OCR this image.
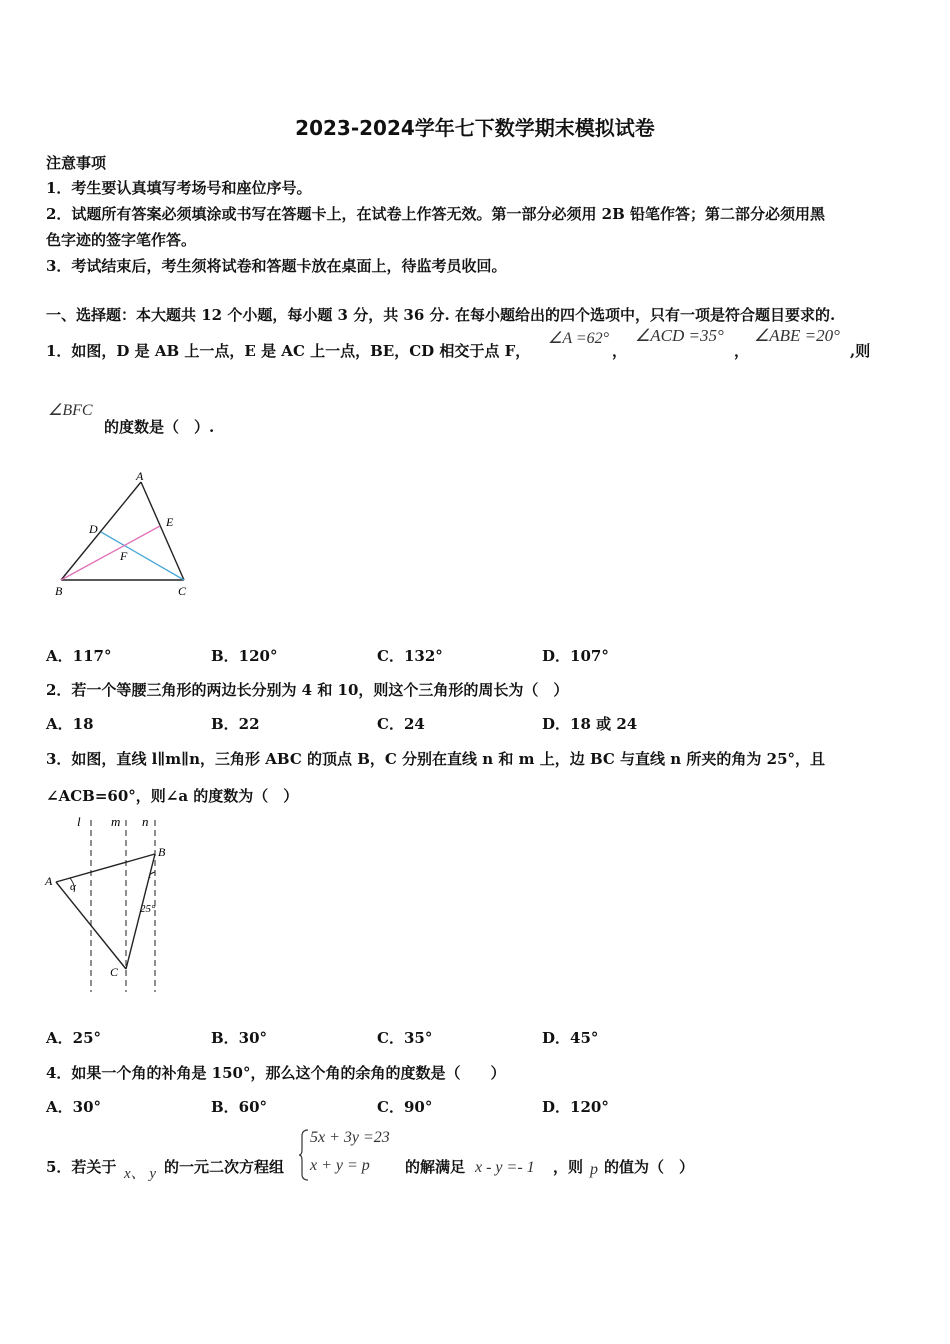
2023-2024学年七下数学期末模拟试卷
注意事项
1．考生要认真填写考场号和座位序号。
2．试题所有答案必须填涂或书写在答题卡上，在试卷上作答无效。第一部分必须用 2B 铅笔作答；第二部分必须用黑
色字迹的签字笔作答。
3．考试结束后，考生须将试卷和答题卡放在桌面上，待监考员收回。
一、选择题：本大题共 12 个小题，每小题 3 分，共 36 分. 在每小题给出的四个选项中，只有一项是符合题目要求的.
1．如图，D 是 AB 上一点，E 是 AC 上一点，BE，CD 相交于点 F，
∠A =62°
，
∠ACD =35°
，
∠ABE =20°
,则
∠BFC
的度数是（　）.
A
D	E
F
B	C
A．117°	B．120°	C．132°	D．107°
2．若一个等腰三角形的两边长分别为 4 和 10，则这个三角形的周长为（　）
A．18	B．22	C．24	D．18 或 24
3．如图，直线 l∥m∥n，三角形 ABC 的顶点 B，C 分别在直线 n 和 m 上，边 BC 与直线 n 所夹的角为 25°，且
∠ACB=60°，则∠a 的度数为（　）
l m n
A
B
C
α
25°
A．25°	B．30°	C．35°	D．45°
4．如果一个角的补角是 150°，那么这个角的余角的度数是（　　）
A．30°	B．60°	C．90°	D．120°
5．若关于 x、 y 的一元二次方程组
5x + 3y =23
x + y = p 的解满足 x - y =- 1 ，则 p 的值为（　）
